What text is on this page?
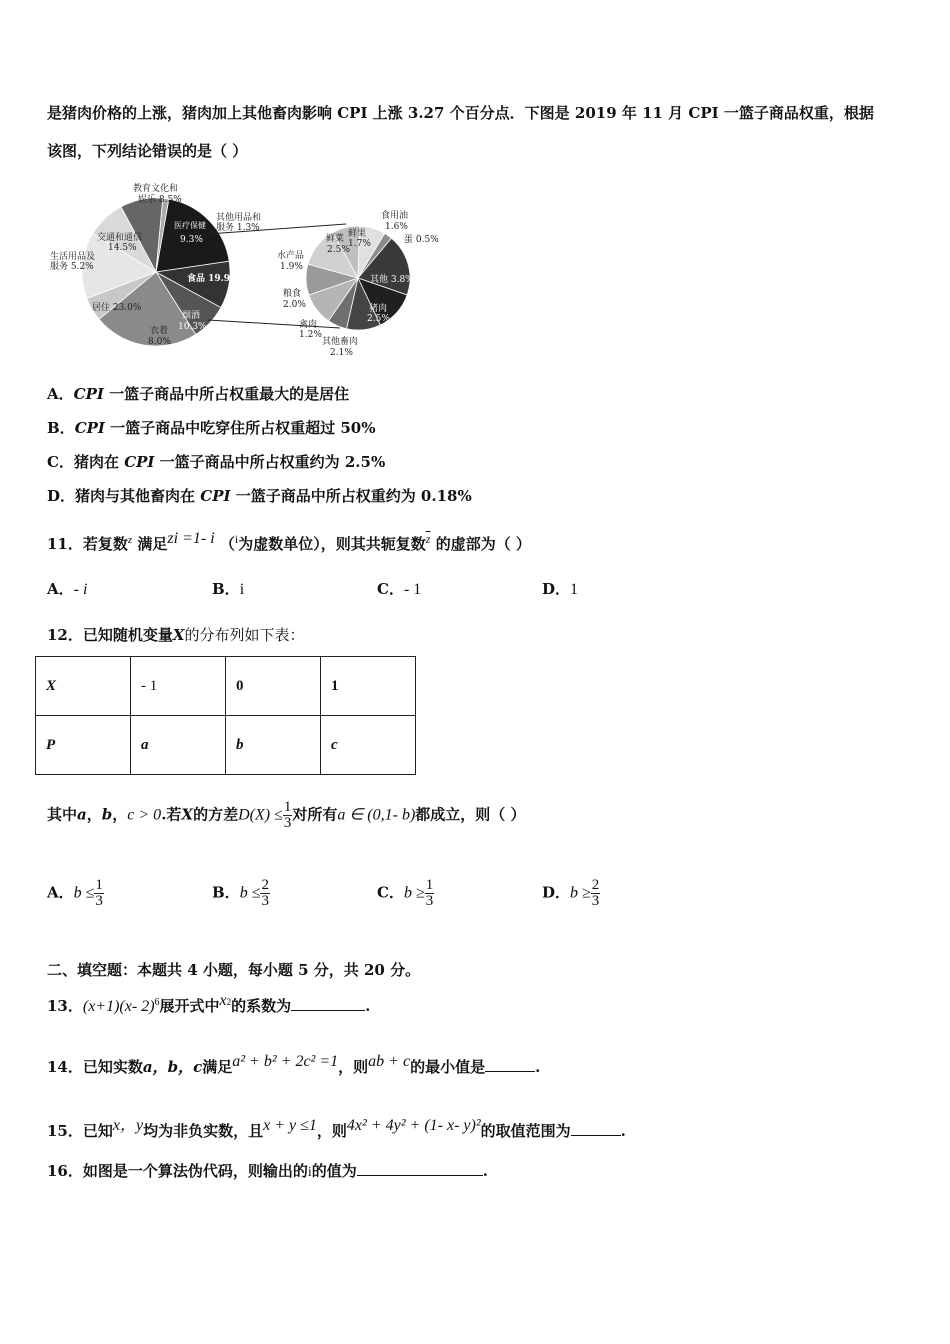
是猪肉价格的上涨，猪肉加上其他畜肉影响 CPI 上涨 3.27 个百分点．下图是 2019 年 11 月 CPI 一篮子商品权重，根据
该图，下列结论错误的是（ ）
教育文化和
娱乐 8.5%
其他用品和
服务 1.3%
医疗保健
9.3%
交通和通信
14.5%
生活用品及
服务 5.2%
食品 19.9%
居住 23.0%
烟酒
10.3%
衣着
8.0%
食用油
1.6%
蛋 0.5%
鲜果
1.7%
鲜菜
2.5%
水产品
1.9%
其他 3.8%
粮食
2.0%	猪肉
2.5%
禽肉
1.2%
其他畜肉
2.1%
A．CPI 一篮子商品中所占权重最大的是居住
B．CPI 一篮子商品中吃穿住所占权重超过 50%
C．猪肉在 CPI 一篮子商品中所占权重约为 2.5%
D．猪肉与其他畜肉在 CPI 一篮子商品中所占权重约为 0.18%
11．若复数$^z$ 满足$^{zi =1- i}$ （$^i$为虚数单位），则其共轭复数$^{\overline{z}}$ 的虚部为（ ）
A．- i	B．i	C．- 1	D．1
12．已知随机变量X的分布列如下表：
X	- 1	0	1
P	a	b	c
其中a，b，c > 0.若X的方差$D(X) \le \frac{1}{3}$ 对所有a ∈ (0,1- b)都成立，则（ ）
A．$b \le \frac{1}{3}$	B．$b \le \frac{2}{3}$	C．$b \ge \frac{1}{3}$	D．$b \ge \frac{2}{3}$
二、填空题：本题共 4 小题，每小题 5 分，共 20 分。
13．(x+1)(x- 2)$^6$展开式中$^{x2}$的系数为	.
14．已知实数a，b，c满足$^{a^2 + b^2 + 2c^2 =1}$，则$^{ab + c}$的最小值是	.
15．已知$^{x,y}$均为非负实数，且$^{x + y \le 1}$，则$^{4x^2 + 4y^2 + (1- x- y)^2}$的取值范围为	.
16．如图是一个算法伪代码，则输出的i的值为	.
